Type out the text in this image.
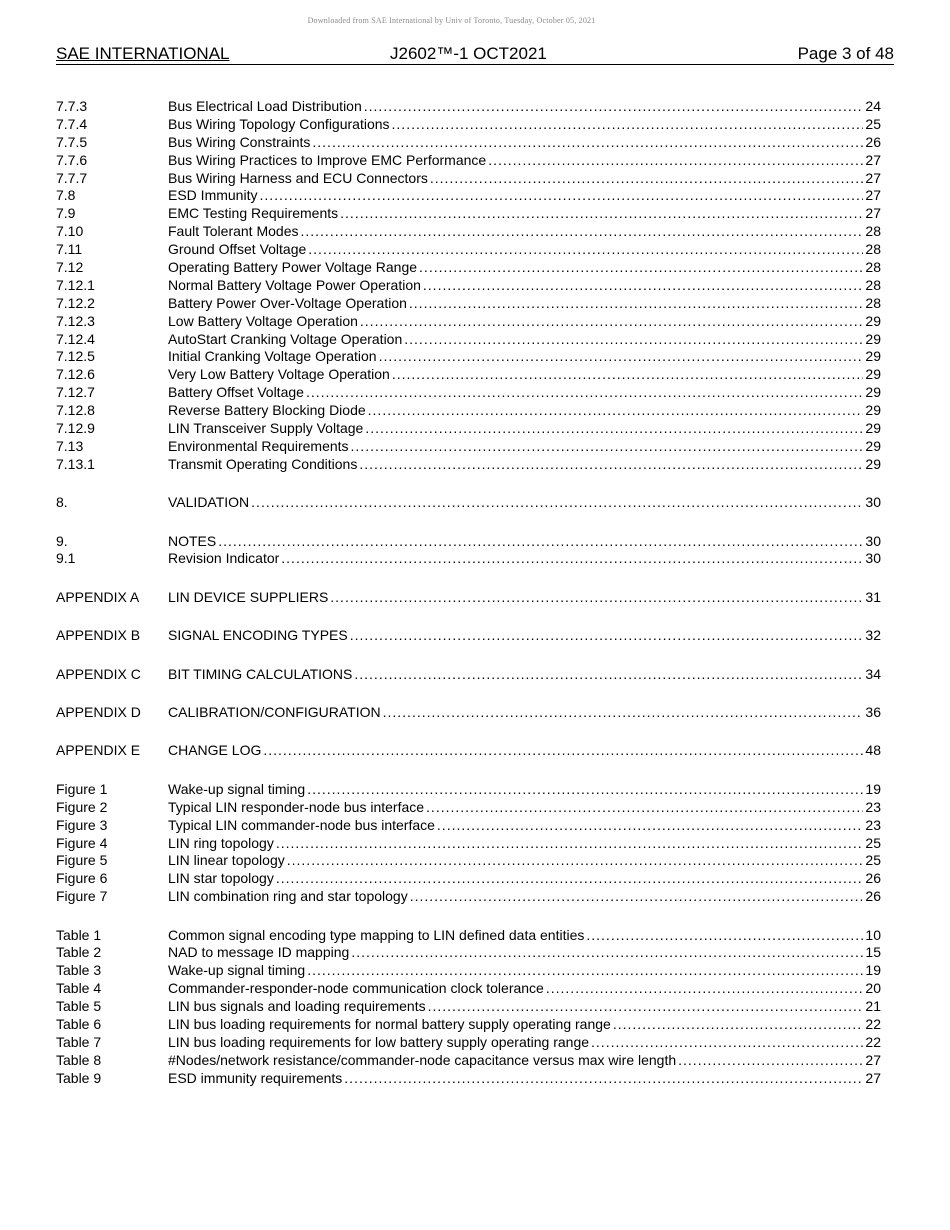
Downloaded from SAE International by Univ of Toronto, Tuesday, October 05, 2021
SAE INTERNATIONAL	J2602™-1 OCT2021	Page 3 of 48
7.7.3	Bus Electrical Load Distribution .....	24
7.7.4	Bus Wiring Topology Configurations .....	25
7.7.5	Bus Wiring Constraints .....	26
7.7.6	Bus Wiring Practices to Improve EMC Performance .....	27
7.7.7	Bus Wiring Harness and ECU Connectors .....	27
7.8	ESD Immunity .....	27
7.9	EMC Testing Requirements .....	27
7.10	Fault Tolerant Modes .....	28
7.11	Ground Offset Voltage .....	28
7.12	Operating Battery Power Voltage Range .....	28
7.12.1	Normal Battery Voltage Power Operation .....	28
7.12.2	Battery Power Over-Voltage Operation .....	28
7.12.3	Low Battery Voltage Operation .....	29
7.12.4	AutoStart Cranking Voltage Operation .....	29
7.12.5	Initial Cranking Voltage Operation .....	29
7.12.6	Very Low Battery Voltage Operation .....	29
7.12.7	Battery Offset Voltage .....	29
7.12.8	Reverse Battery Blocking Diode .....	29
7.12.9	LIN Transceiver Supply Voltage .....	29
7.13	Environmental Requirements .....	29
7.13.1	Transmit Operating Conditions .....	29
8.	VALIDATION .....	30
9.	NOTES .....	30
9.1	Revision Indicator .....	30
APPENDIX A LIN DEVICE SUPPLIERS .....	31
APPENDIX B SIGNAL ENCODING TYPES .....	32
APPENDIX C BIT TIMING CALCULATIONS .....	34
APPENDIX D CALIBRATION/CONFIGURATION .....	36
APPENDIX E CHANGE LOG .....	48
Figure 1	Wake-up signal timing .....	19
Figure 2	Typical LIN responder-node bus interface .....	23
Figure 3	Typical LIN commander-node bus interface .....	23
Figure 4	LIN ring topology .....	25
Figure 5	LIN linear topology .....	25
Figure 6	LIN star topology .....	26
Figure 7	LIN combination ring and star topology .....	26
Table 1	Common signal encoding type mapping to LIN defined data entities .....	10
Table 2	NAD to message ID mapping .....	15
Table 3	Wake-up signal timing .....	19
Table 4	Commander-responder-node communication clock tolerance .....	20
Table 5	LIN bus signals and loading requirements .....	21
Table 6	LIN bus loading requirements for normal battery supply operating range .....	22
Table 7	LIN bus loading requirements for low battery supply operating range .....	22
Table 8	#Nodes/network resistance/commander-node capacitance versus max wire length .....	27
Table 9	ESD immunity requirements .....	27
